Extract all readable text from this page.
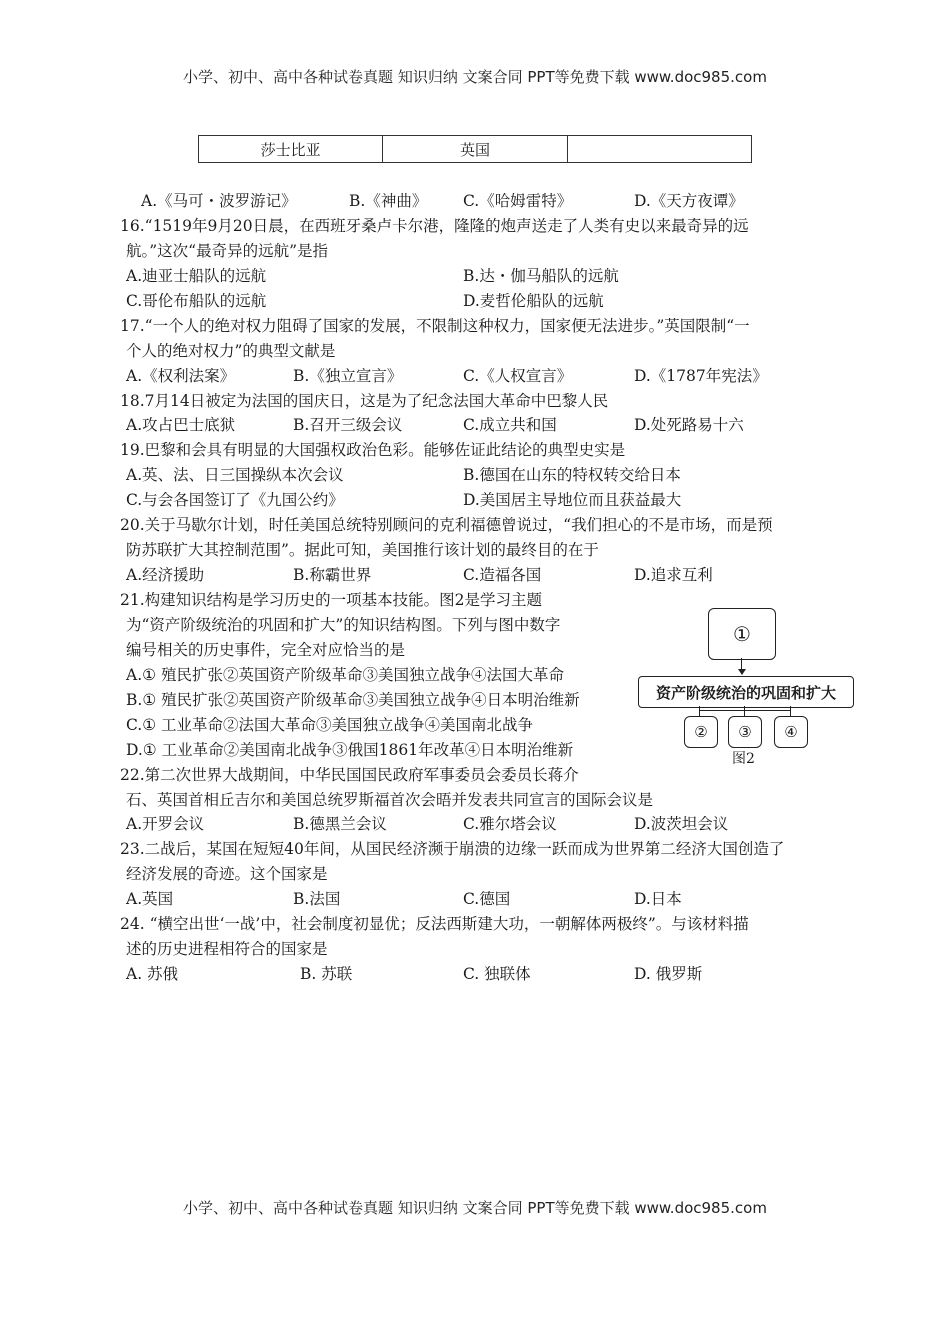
小学、初中、高中各种试卷真题 知识归纳 文案合同 PPT等免费下载 www.doc985.com
莎士比亚	英国	
A.《马可・波罗游记》	B.《神曲》 C.《哈姆雷特》	D.《天方夜谭》
16.“1519年9月20日晨，在西班牙桑卢卡尔港，隆隆的炮声送走了人类有史以来最奇异的远
航。”这次“最奇异的远航”是指
A.迪亚士船队的远航	B.达・伽马船队的远航
C.哥伦布船队的远航	D.麦哲伦船队的远航
17.“一个人的绝对权力阻碍了国家的发展，不限制这种权力，国家便无法进步。”英国限制“一
个人的绝对权力”的典型文献是
A.《权利法案》	B.《独立宣言》	C.《人权宣言》	D.《1787年宪法》
18.7月14日被定为法国的国庆日，这是为了纪念法国大革命中巴黎人民
A.攻占巴士底狱	B.召开三级会议	C.成立共和国	D.处死路易十六
19.巴黎和会具有明显的大国强权政治色彩。能够佐证此结论的典型史实是
A.英、法、日三国操纵本次会议	B.德国在山东的特权转交给日本
C.与会各国签订了《九国公约》	D.美国居主导地位而且获益最大
20.关于马歇尔计划，时任美国总统特别顾问的克利福德曾说过，“我们担心的不是市场，而是预
防苏联扩大其控制范围”。据此可知，美国推行该计划的最终目的在于
A.经济援助	B.称霸世界	C.造福各国	D.追求互利
21.构建知识结构是学习历史的一项基本技能。图2是学习主题
为“资产阶级统治的巩固和扩大”的知识结构图。下列与图中数字
编号相关的历史事件，完全对应恰当的是
A.① 殖民扩张②英国资产阶级革命③美国独立战争④法国大革命
B.① 殖民扩张②英国资产阶级革命③美国独立战争④日本明治维新
C.① 工业革命②法国大革命③美国独立战争④美国南北战争
D.① 工业革命②美国南北战争③俄国1861年改革④日本明治维新
①
资产阶级统治的巩固和扩大
②	③	④
图2
22.第二次世界大战期间，中华民国国民政府军事委员会委员长蒋介
石、英国首相丘吉尔和美国总统罗斯福首次会晤并发表共同宣言的国际会议是
A.开罗会议	B.德黑兰会议	C.雅尔塔会议	D.波茨坦会议
23.二战后，某国在短短40年间，从国民经济濒于崩溃的边缘一跃而成为世界第二经济大国创造了
经济发展的奇迹。这个国家是
A.英国	B.法国	C.德国	D.日本
24. “横空出世‘一战’中，社会制度初显优；反法西斯建大功，一朝解体两极终”。与该材料描
述的历史进程相符合的国家是
A. 苏俄	B. 苏联	C. 独联体	D. 俄罗斯
小学、初中、高中各种试卷真题 知识归纳 文案合同 PPT等免费下载 www.doc985.com
